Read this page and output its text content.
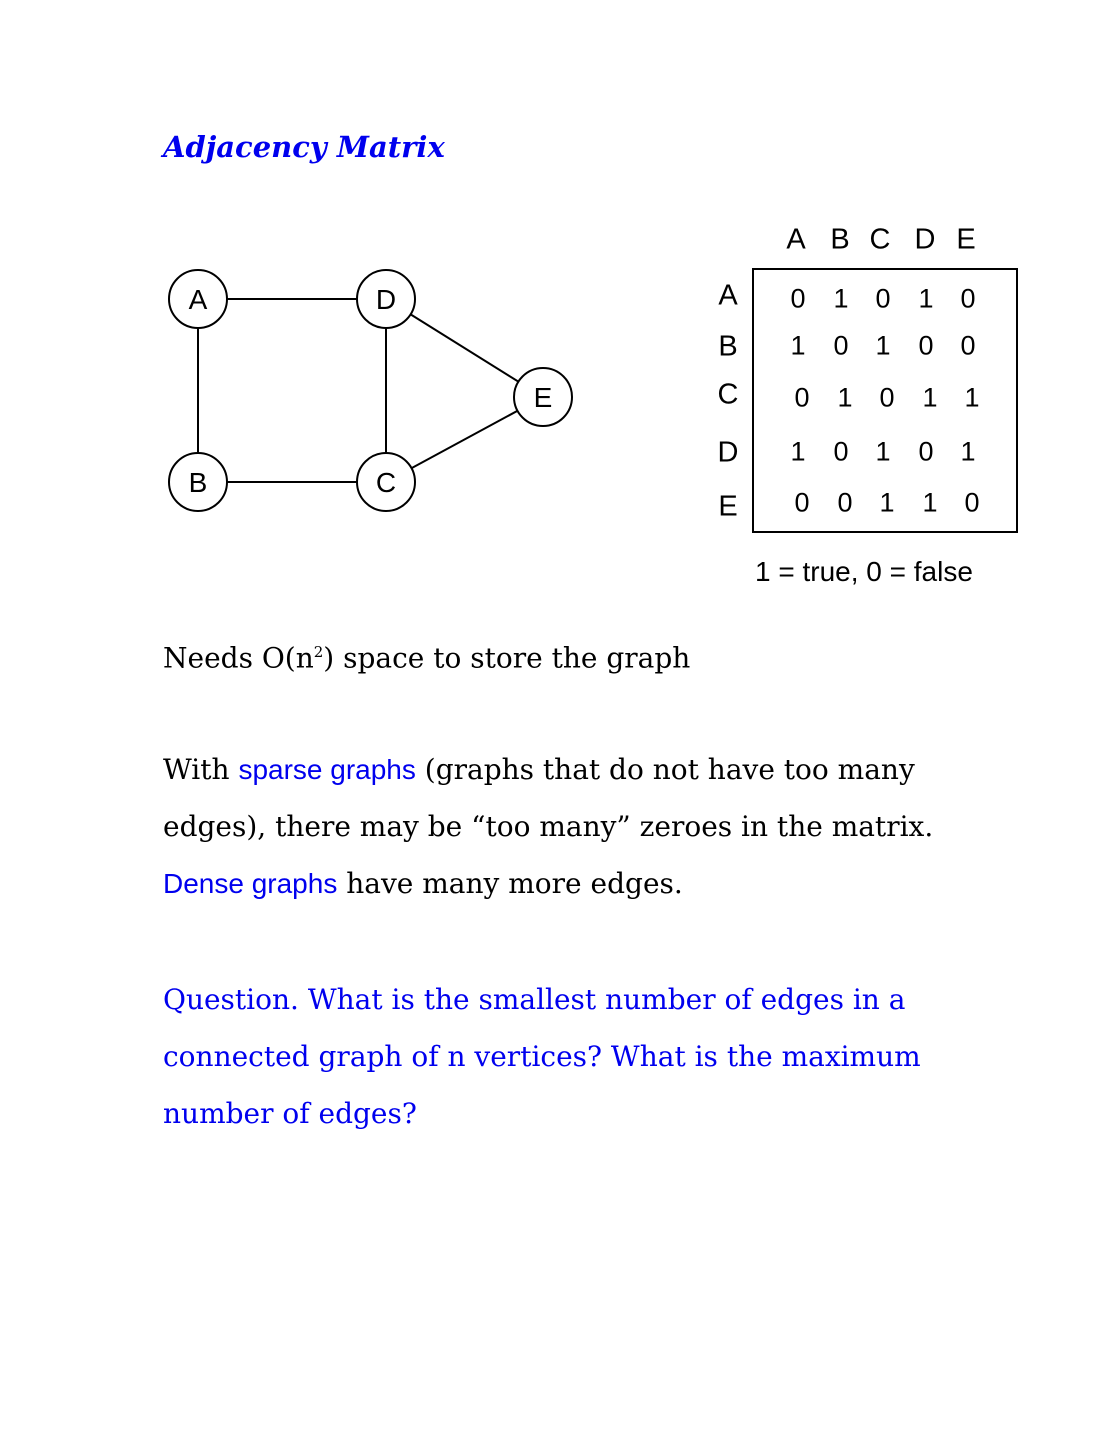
Adjacency Matrix
A
B	C
D
E
A B C D E
A
B
C
D
E
0 1 0 1 0
1 0 1 0 0
0 1 0 1 1
1 0 1 0 1
0 0 1 1 0
1 = true, 0 = false
Needs $O(n^2)$ space to store the graph
With sparse graphs (graphs that do not have too many
edges), there may be “too many” zeroes in the matrix.
Dense graphs have many more edges.
Question. What is the smallest number of edges in a
connected graph of n vertices? What is the maximum
number of edges?
